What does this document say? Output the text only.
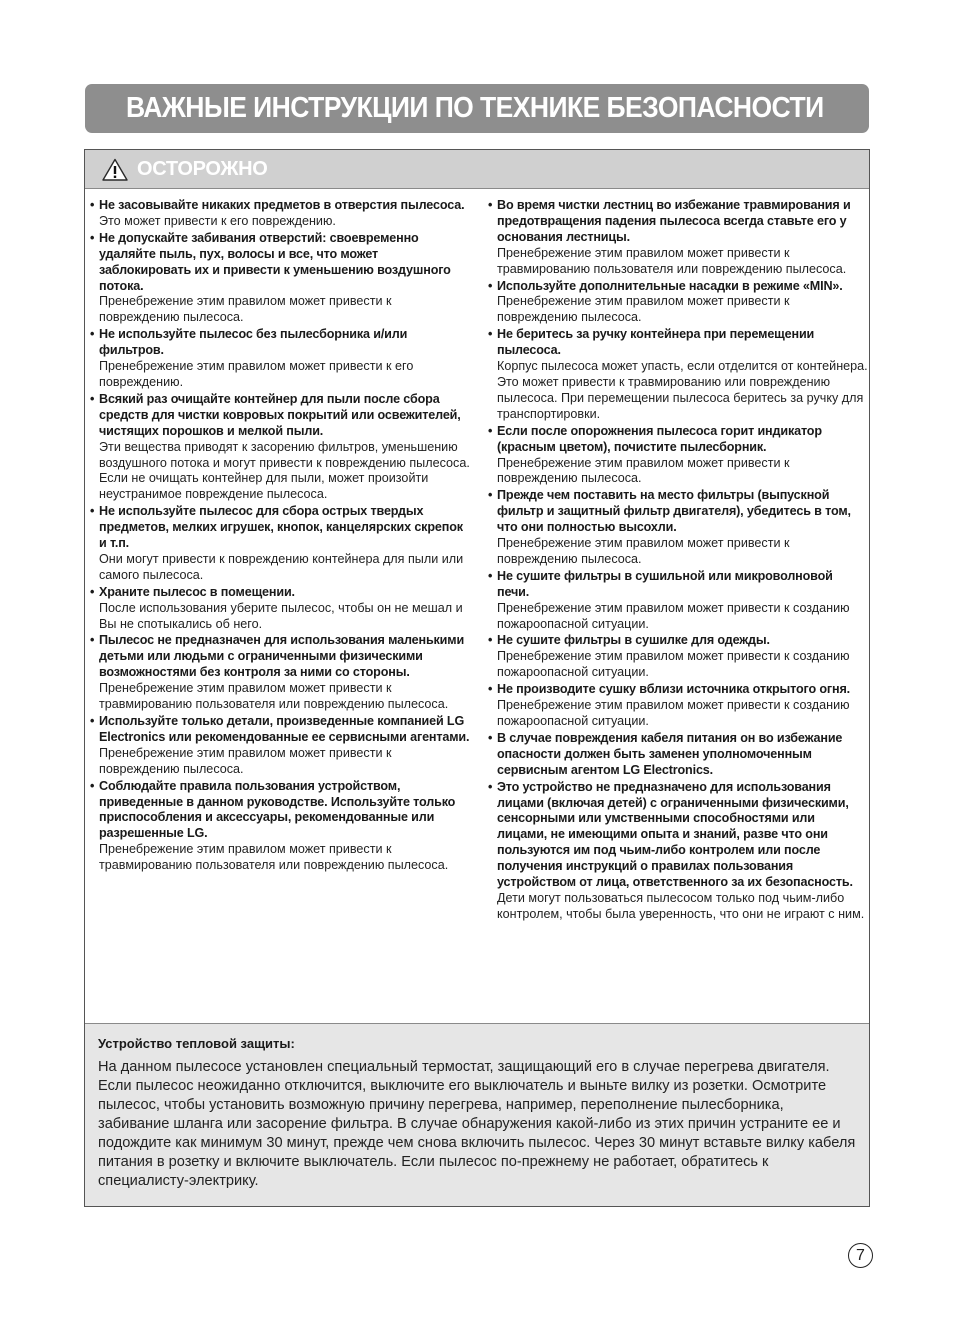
ВАЖНЫЕ ИНСТРУКЦИИ ПО ТЕХНИКЕ БЕЗОПАСНОСТИ
ОСТОРОЖНО
• Не засовывайте никаких предметов в отверстия пылесоса.
Это может привести к его повреждению.
• Не допускайте забивания отверстий: своевременно удаляйте пыль, пух, волосы и все, что может заблокировать их и привести к уменьшению воздушного потока.
Пренебрежение этим правилом может привести к повреждению пылесоса.
• Не используйте пылесос без пылесборника и/или фильтров.
Пренебрежение этим правилом может привести к его повреждению.
• Всякий раз очищайте контейнер для пыли после сбора средств для чистки ковровых покрытий или освежителей, чистящих порошков и мелкой пыли.
Эти вещества приводят к засорению фильтров, уменьшению воздушного потока и могут привести к повреждению пылесоса. Если не очищать контейнер для пыли, может произойти неустранимое повреждение пылесоса.
• Не используйте пылесос для сбора острых твердых предметов, мелких игрушек, кнопок, канцелярских скрепок и т.п.
Они могут привести к повреждению контейнера для пыли или самого пылесоса.
• Храните пылесос в помещении.
После использования уберите пылесос, чтобы он не мешал и Вы не спотыкались об него.
• Пылесос не предназначен для использования маленькими детьми или людьми с ограниченными физическими возможностями без контроля за ними со стороны.
Пренебрежение этим правилом может привести к травмированию пользователя или повреждению пылесоса.
• Используйте только детали, произведенные компанией LG Electronics или рекомендованные ее сервисными агентами.
Пренебрежение этим правилом может привести к повреждению пылесоса.
• Соблюдайте правила пользования устройством, приведенные в данном руководстве. Используйте только приспособления и аксессуары, рекомендованные или разрешенные LG.
Пренебрежение этим правилом может привести к травмированию пользователя или повреждению пылесоса.
• Во время чистки лестниц во избежание травмирования и предотвращения падения пылесоса всегда ставьте его у основания лестницы.
Пренебрежение этим правилом может привести к травмированию пользователя или повреждению пылесоса.
• Используйте дополнительные насадки в режиме «MIN».
Пренебрежение этим правилом может привести к повреждению пылесоса.
• Не беритесь за ручку контейнера при перемещении пылесоса.
Корпус пылесоса может упасть, если отделится от контейнера. Это может привести к травмированию или повреждению пылесоса. При перемещении пылесоса беритесь за ручку для транспортировки.
• Если после опорожнения пылесоса горит индикатор (красным цветом), почистите пылесборник.
Пренебрежение этим правилом может привести к повреждению пылесоса.
• Прежде чем поставить на место фильтры (выпускной фильтр и защитный фильтр двигателя), убедитесь в том, что они полностью высохли.
Пренебрежение этим правилом может привести к повреждению пылесоса.
• Не сушите фильтры в сушильной или микроволновой печи.
Пренебрежение этим правилом может привести к созданию пожароопасной ситуации.
• Не сушите фильтры в сушилке для одежды.
Пренебрежение этим правилом может привести к созданию пожароопасной ситуации.
• Не производите сушку вблизи источника открытого огня.
Пренебрежение этим правилом может привести к созданию пожароопасной ситуации.
• В случае повреждения кабеля питания он во избежание опасности должен быть заменен уполномоченным сервисным агентом LG Electronics.
• Это устройство не предназначено для использования лицами (включая детей) с ограниченными физическими, сенсорными или умственными способностями или лицами, не имеющими опыта и знаний, разве что они пользуются им под чьим-либо контролем или после получения инструкций о правилах пользования устройством от лица, ответственного за их безопасность.
Дети могут пользоваться пылесосом только под чьим-либо контролем, чтобы была уверенность, что они не играют с ним.
Устройство тепловой защиты:
На данном пылесосе установлен специальный термостат, защищающий его в случае перегрева двигателя. Если пылесос неожиданно отключится, выключите его выключатель и выньте вилку из розетки. Осмотрите пылесос, чтобы установить возможную причину перегрева, например, переполнение пылесборника, забивание шланга или засорение фильтра. В случае обнаружения какой-либо из этих причин устраните ее и подождите как минимум 30 минут, прежде чем снова включить пылесос. Через 30 минут вставьте вилку кабеля питания в розетку и включите выключатель. Если пылесос по-прежнему не работает, обратитесь к специалисту-электрику.
7
